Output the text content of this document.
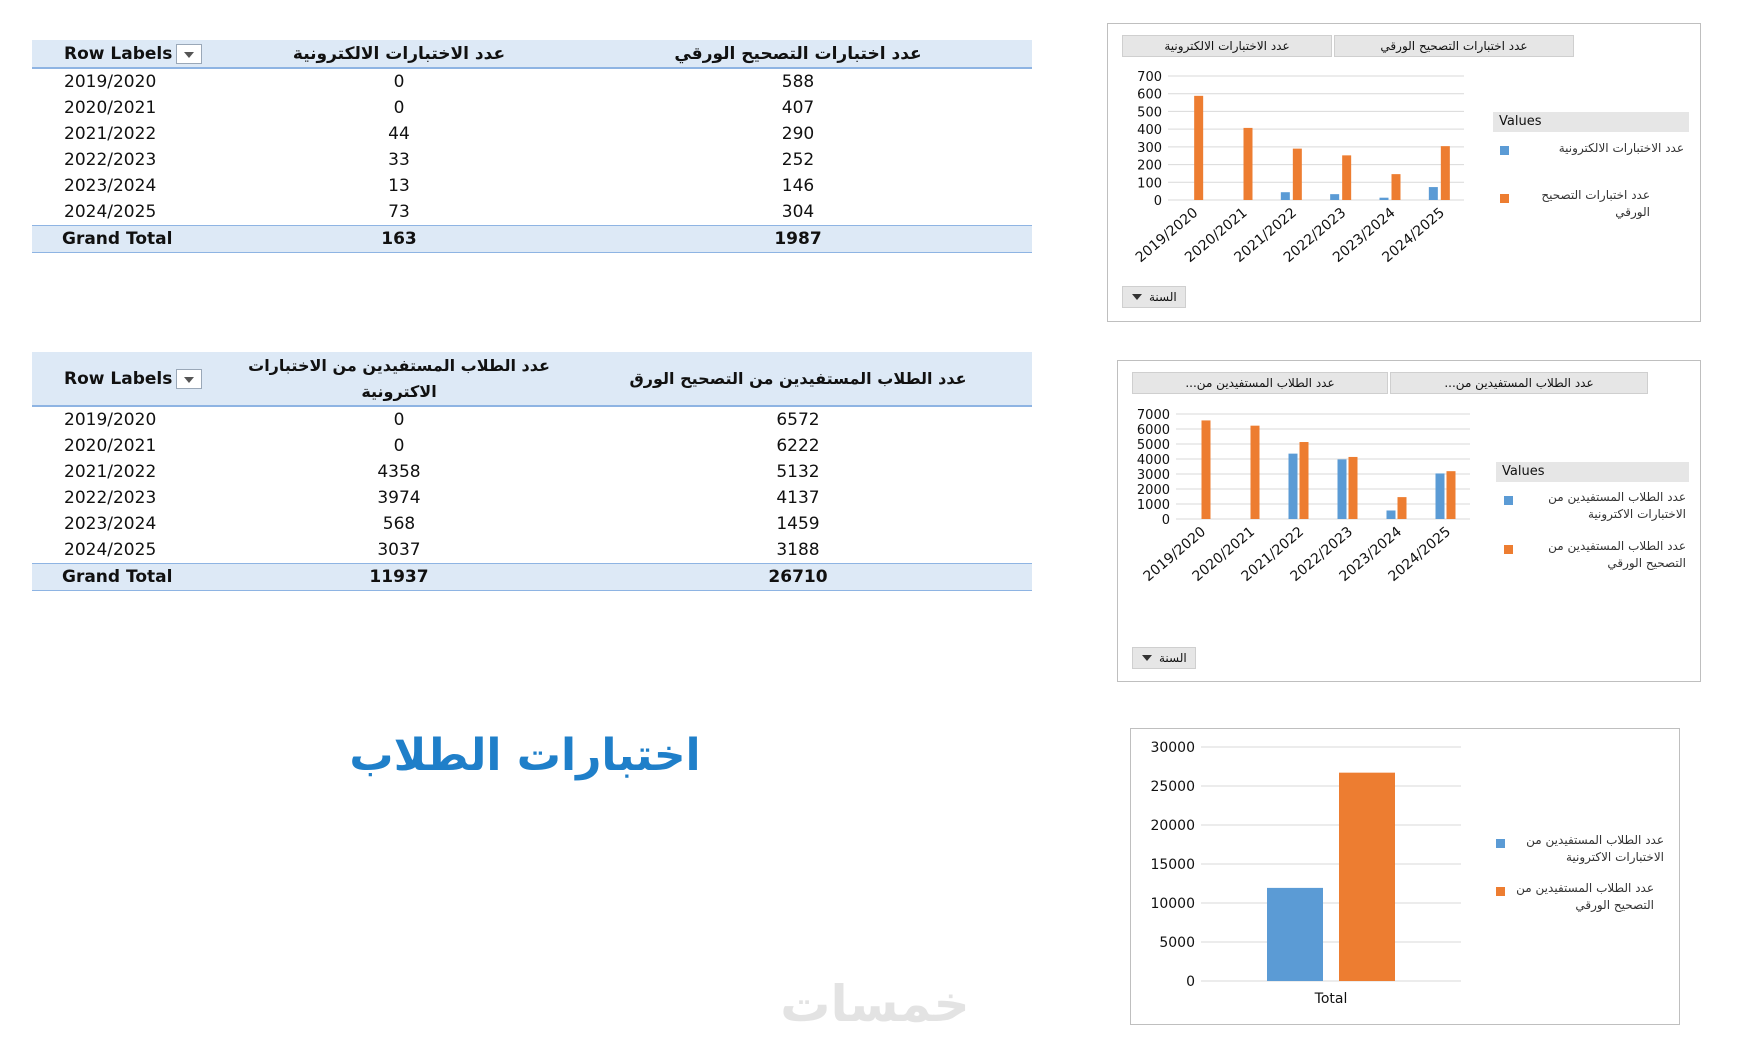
Row Labels	عدد الاختبارات الالكترونية	عدد اختبارات التصحيح الورقي
2019/2020	0	588
2020/2021	0	407
2021/2022	44	290
2022/2023	33	252
2023/2024	13	146
2024/2025	73	304
Grand Total	163	1987
Row Labels	عدد الطلاب المستفيدين من الاختبارات الاكترونية	عدد الطلاب المستفيدين من التصحيح الورق
2019/2020	0	6572
2020/2021	0	6222
2021/2022	4358	5132
2022/2023	3974	4137
2023/2024	568	1459
2024/2025	3037	3188
Grand Total	11937	26710
اختبارات الطلاب
خمسات
عدد الاختبارات الالكترونية	عدد اختبارات التصحيح الورقي
0
100
200
300
400
500
600
700
2019/2020
2020/2021
2021/2022
2022/2023
2023/2024
2024/2025
Values
عدد الاختبارات الالكترونية
عدد اختبارات التصحيح الورقي
السنة
عدد الطلاب المستفيدين من...	عدد الطلاب المستفيدين من...
0
1000
2000
3000
4000
5000
6000
7000
2019/2020
2020/2021
2021/2022
2022/2023
2023/2024
2024/2025
Values
عدد الطلاب المستفيدين من الاختبارات الاكترونية
عدد الطلاب المستفيدين من التصحيح الورقي
السنة
0
5000
10000
15000
20000
25000
30000
Total
عدد الطلاب المستفيدين من الاختبارات الاكترونية
عدد الطلاب المستفيدين من التصحيح الورقي
